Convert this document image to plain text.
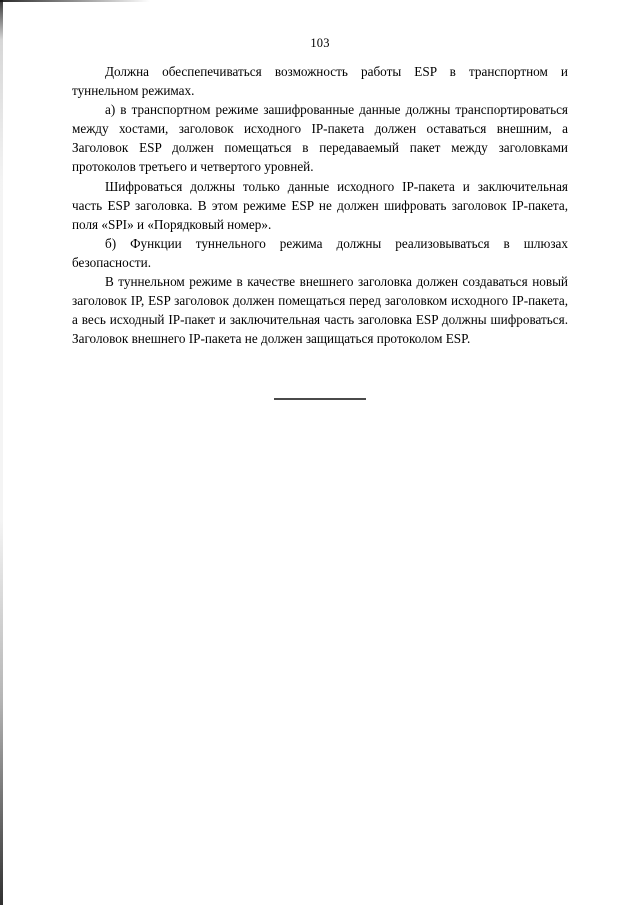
103

Должна обеспепечиваться возможность работы ESP в транспортном и туннельном режимах.

а) в транспортном режиме зашифрованные данные должны транспортироваться между хостами, заголовок исходного IP-пакета должен оставаться внешним, а Заголовок ESP должен помещаться в передаваемый пакет между заголовками протоколов третьего и четвертого уровней.

Шифроваться должны только данные исходного IP-пакета и заключительная часть ESP заголовка. В этом режиме ESP не должен шифровать заголовок IP-пакета, поля «SPI» и «Порядковый номер».

б) Функции туннельного режима должны реализовываться в шлюзах безопасности.

В туннельном режиме в качестве внешнего заголовка должен создаваться новый заголовок IP, ESP заголовок должен помещаться перед заголовком исходного IP-пакета, а весь исходный IP-пакет и заключительная часть заголовка ESP должны шифроваться. Заголовок внешнего IP-пакета не должен защищаться протоколом ESP.
